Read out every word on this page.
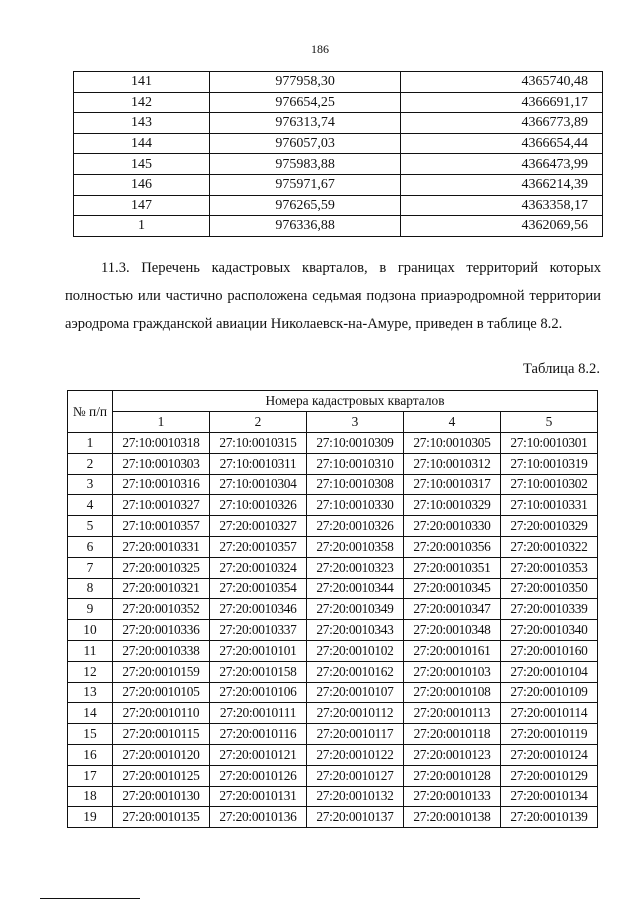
186
141	977958,30	4365740,48
142	976654,25	4366691,17
143	976313,74	4366773,89
144	976057,03	4366654,44
145	975983,88	4366473,99
146	975971,67	4366214,39
147	976265,59	4363358,17
1	976336,88	4362069,56
11.3. Перечень кадастровых кварталов, в границах территорий которых полностью или частично расположена седьмая подзона приаэродромной территории аэродрома гражданской авиации Николаевск-на-Амуре, приведен в таблице 8.2.
Таблица 8.2.
№ п/п	Номера кадастровых кварталов				
	1	2	3	4	5
1	27:10:0010318	27:10:0010315	27:10:0010309	27:10:0010305	27:10:0010301
2	27:10:0010303	27:10:0010311	27:10:0010310	27:10:0010312	27:10:0010319
3	27:10:0010316	27:10:0010304	27:10:0010308	27:10:0010317	27:10:0010302
4	27:10:0010327	27:10:0010326	27:10:0010330	27:10:0010329	27:10:0010331
5	27:10:0010357	27:20:0010327	27:20:0010326	27:20:0010330	27:20:0010329
6	27:20:0010331	27:20:0010357	27:20:0010358	27:20:0010356	27:20:0010322
7	27:20:0010325	27:20:0010324	27:20:0010323	27:20:0010351	27:20:0010353
8	27:20:0010321	27:20:0010354	27:20:0010344	27:20:0010345	27:20:0010350
9	27:20:0010352	27:20:0010346	27:20:0010349	27:20:0010347	27:20:0010339
10	27:20:0010336	27:20:0010337	27:20:0010343	27:20:0010348	27:20:0010340
11	27:20:0010338	27:20:0010101	27:20:0010102	27:20:0010161	27:20:0010160
12	27:20:0010159	27:20:0010158	27:20:0010162	27:20:0010103	27:20:0010104
13	27:20:0010105	27:20:0010106	27:20:0010107	27:20:0010108	27:20:0010109
14	27:20:0010110	27:20:0010111	27:20:0010112	27:20:0010113	27:20:0010114
15	27:20:0010115	27:20:0010116	27:20:0010117	27:20:0010118	27:20:0010119
16	27:20:0010120	27:20:0010121	27:20:0010122	27:20:0010123	27:20:0010124
17	27:20:0010125	27:20:0010126	27:20:0010127	27:20:0010128	27:20:0010129
18	27:20:0010130	27:20:0010131	27:20:0010132	27:20:0010133	27:20:0010134
19	27:20:0010135	27:20:0010136	27:20:0010137	27:20:0010138	27:20:0010139
